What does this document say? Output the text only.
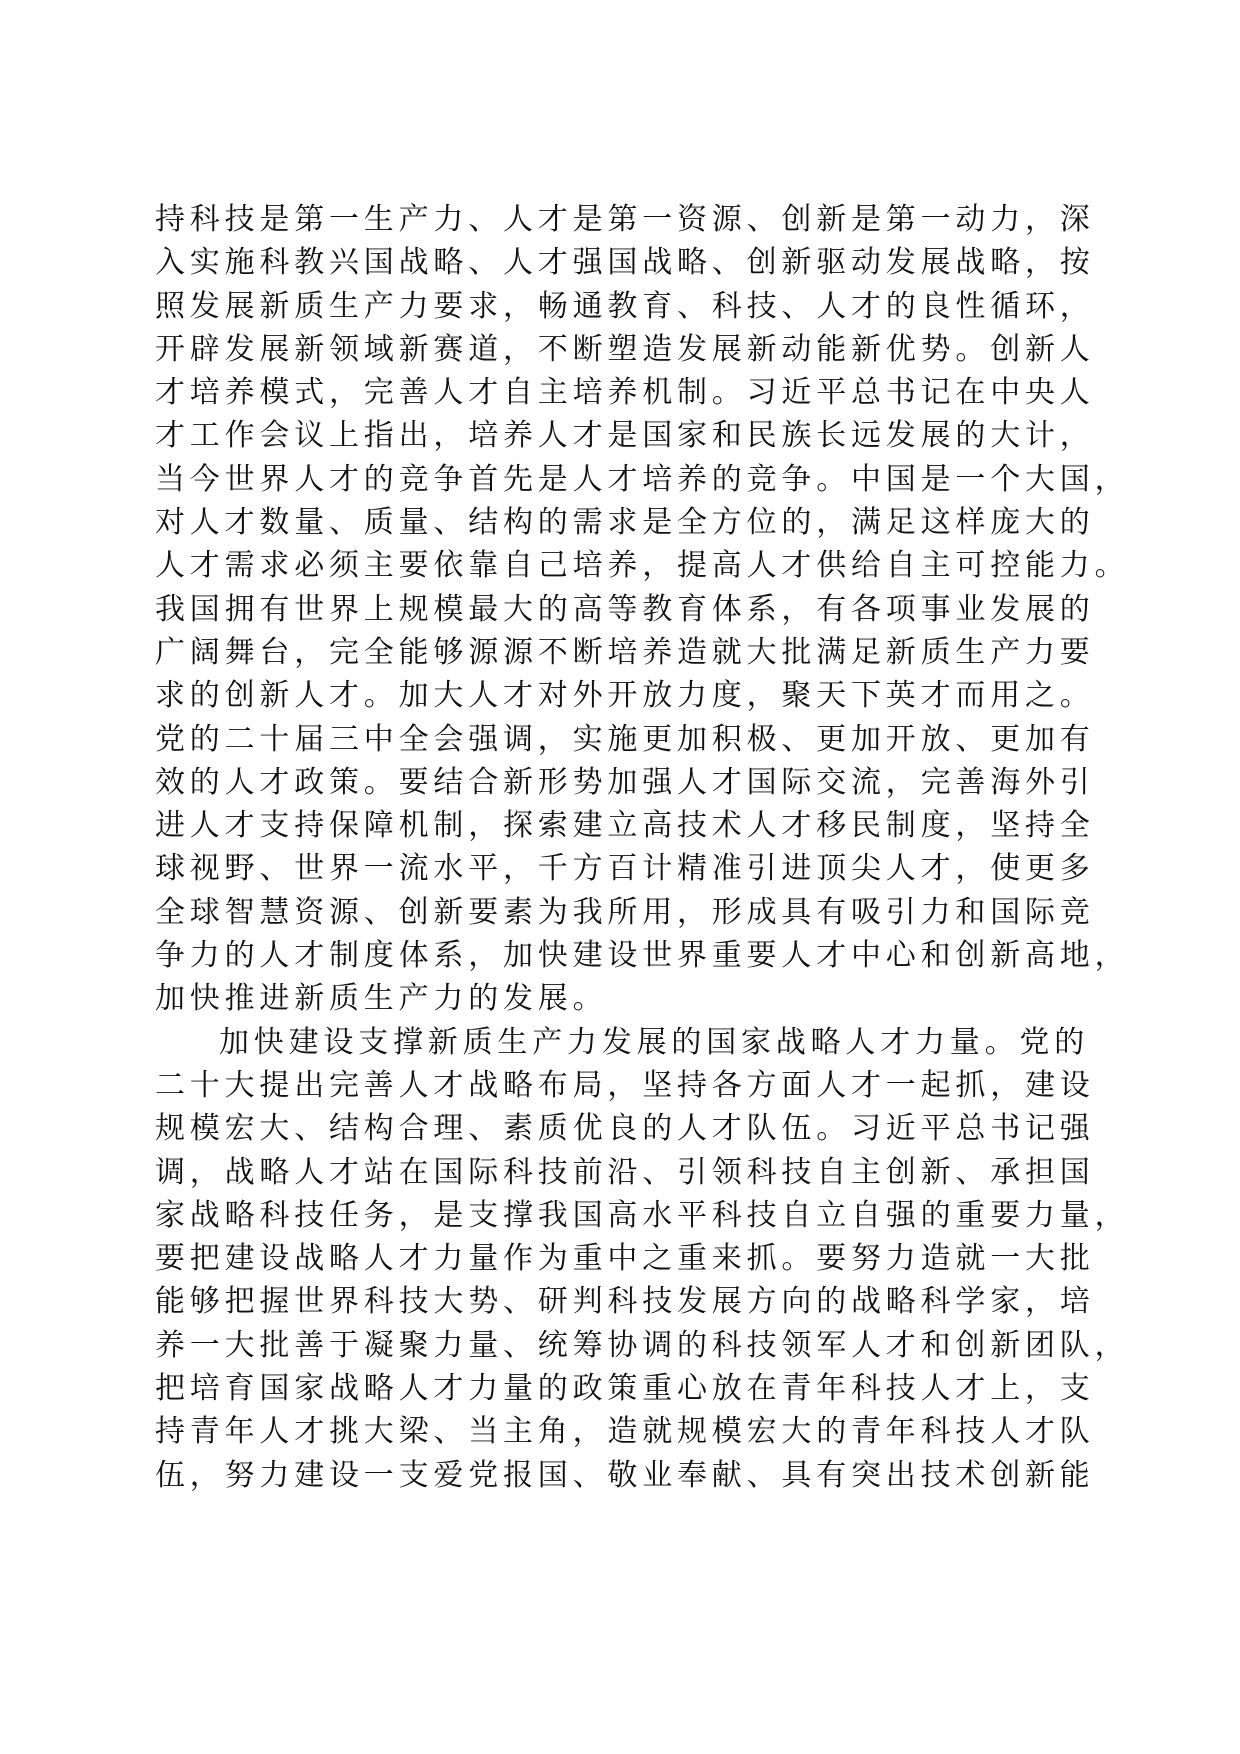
持科技是第一生产力、人才是第一资源、创新是第一动力，深
入实施科教兴国战略、人才强国战略、创新驱动发展战略，按
照发展新质生产力要求，畅通教育、科技、人才的良性循环，
开辟发展新领域新赛道，不断塑造发展新动能新优势。创新人
才培养模式，完善人才自主培养机制。习近平总书记在中央人
才工作会议上指出，培养人才是国家和民族长远发展的大计，
当今世界人才的竞争首先是人才培养的竞争。中国是一个大国，
对人才数量、质量、结构的需求是全方位的，满足这样庞大的
人才需求必须主要依靠自己培养，提高人才供给自主可控能力。
我国拥有世界上规模最大的高等教育体系，有各项事业发展的
广阔舞台，完全能够源源不断培养造就大批满足新质生产力要
求的创新人才。加大人才对外开放力度，聚天下英才而用之。
党的二十届三中全会强调，实施更加积极、更加开放、更加有
效的人才政策。要结合新形势加强人才国际交流，完善海外引
进人才支持保障机制，探索建立高技术人才移民制度，坚持全
球视野、世界一流水平，千方百计精准引进顶尖人才，使更多
全球智慧资源、创新要素为我所用，形成具有吸引力和国际竞
争力的人才制度体系，加快建设世界重要人才中心和创新高地，
加快推进新质生产力的发展。
加快建设支撑新质生产力发展的国家战略人才力量。党的
二十大提出完善人才战略布局，坚持各方面人才一起抓，建设
规模宏大、结构合理、素质优良的人才队伍。习近平总书记强
调，战略人才站在国际科技前沿、引领科技自主创新、承担国
家战略科技任务，是支撑我国高水平科技自立自强的重要力量，
要把建设战略人才力量作为重中之重来抓。要努力造就一大批
能够把握世界科技大势、研判科技发展方向的战略科学家，培
养一大批善于凝聚力量、统筹协调的科技领军人才和创新团队，
把培育国家战略人才力量的政策重心放在青年科技人才上，支
持青年人才挑大梁、当主角，造就规模宏大的青年科技人才队
伍，努力建设一支爱党报国、敬业奉献、具有突出技术创新能
